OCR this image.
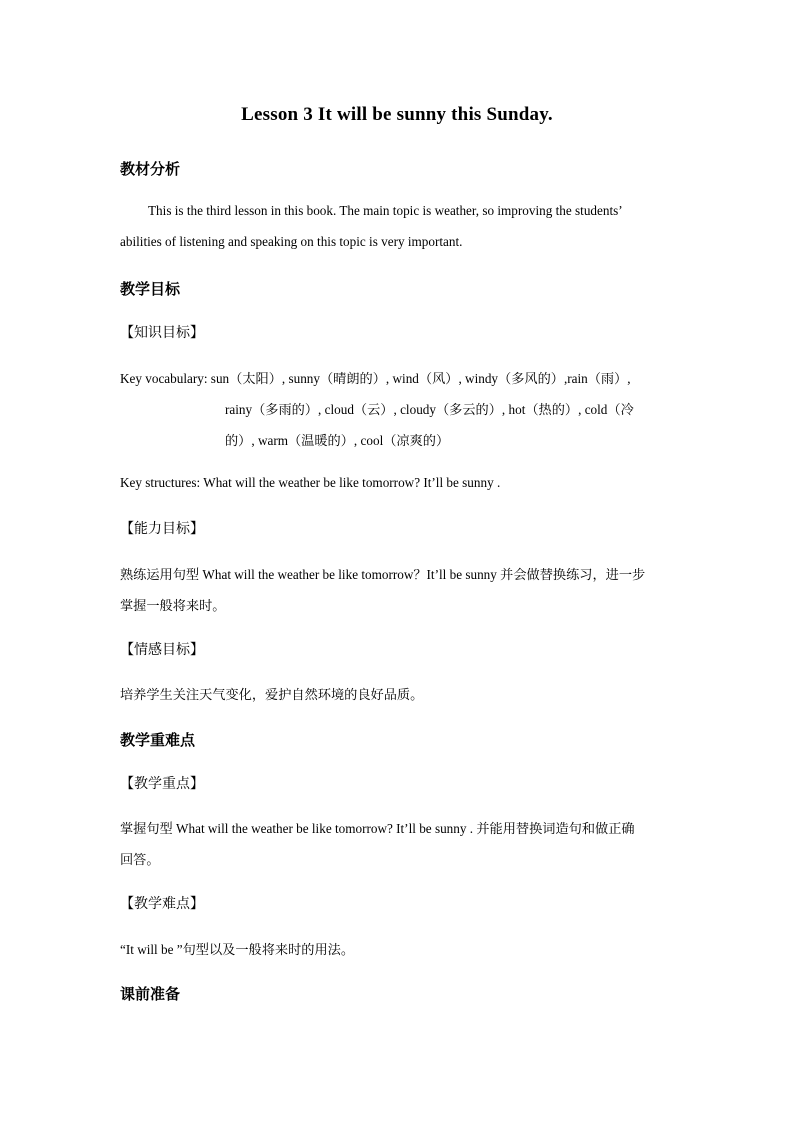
Lesson 3 It will be sunny this Sunday.
教材分析
This is the third lesson in this book. The main topic is weather, so improving the students’
abilities of listening and speaking on this topic is very important.
教学目标
【知识目标】
Key vocabulary: sun（太阳）, sunny（晴朗的）, wind（风）, windy（多风的）,rain（雨）,
rainy（多雨的）, cloud（云）, cloudy（多云的）, hot（热的）, cold（冷
的）, warm（温暖的）, cool（凉爽的）
Key structures: What will the weather be like tomorrow? It’ll be sunny .
【能力目标】
熟练运用句型 What will the weather be like tomorrow？It’ll be sunny 并会做替换练习，进一步
掌握一般将来时。
【情感目标】
培养学生关注天气变化，爱护自然环境的良好品质。
教学重难点
【教学重点】
掌握句型 What will the weather be like tomorrow? It’ll be sunny . 并能用替换词造句和做正确
回答。
【教学难点】
“It will be ”句型以及一般将来时的用法。
课前准备
